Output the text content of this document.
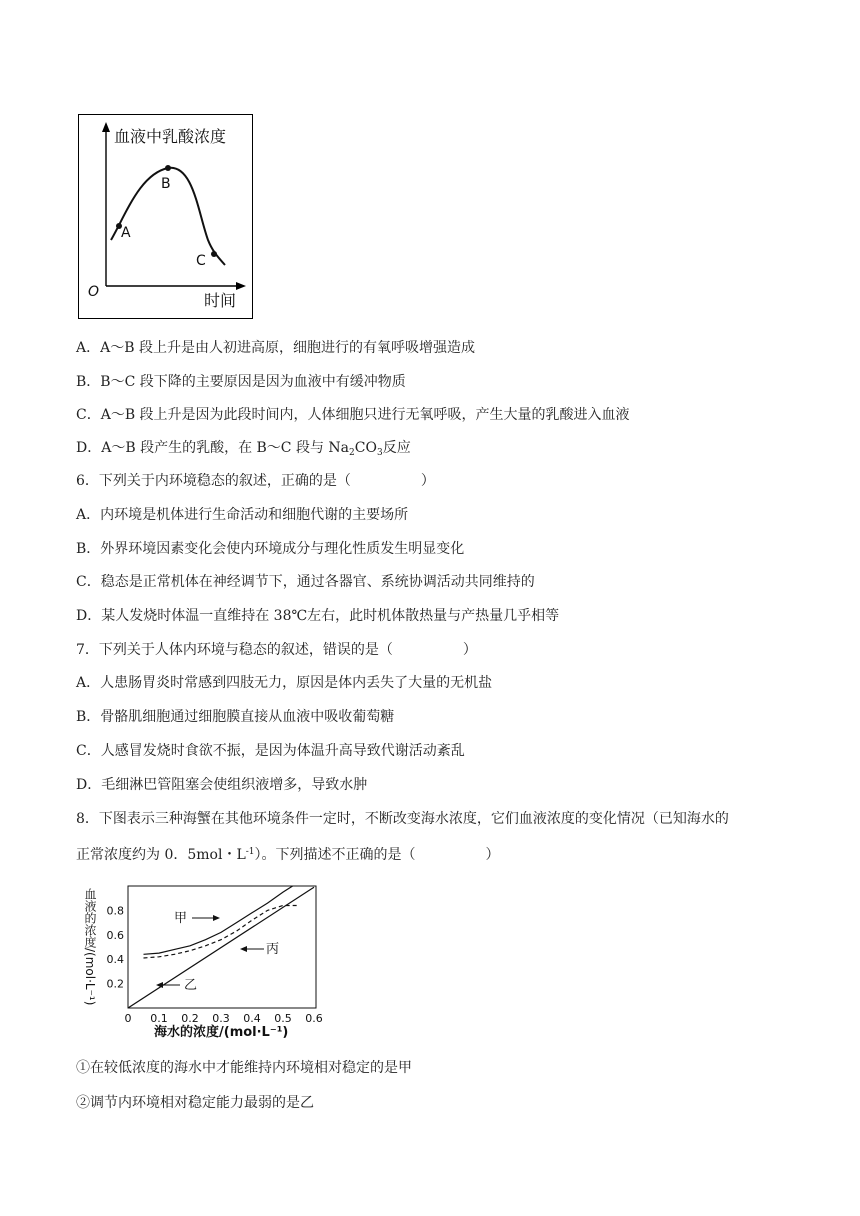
血液中乳酸浓度
时间
O
A
B
C
A．A～B 段上升是由人初进高原，细胞进行的有氧呼吸增强造成
B．B～C 段下降的主要原因是因为血液中有缓冲物质
C．A～B 段上升是因为此段时间内，人体细胞只进行无氧呼吸，产生大量的乳酸进入血液
D．A～B 段产生的乳酸，在 B～C 段与 $Na_2CO_3$反应
6．下列关于内环境稳态的叙述，正确的是（　　　　　）
A．内环境是机体进行生命活动和细胞代谢的主要场所
B．外界环境因素变化会使内环境成分与理化性质发生明显变化
C．稳态是正常机体在神经调节下，通过各器官、系统协调活动共同维持的
D．某人发烧时体温一直维持在 38℃左右，此时机体散热量与产热量几乎相等
7．下列关于人体内环境与稳态的叙述，错误的是（　　　　　）
A．人患肠胃炎时常感到四肢无力，原因是体内丢失了大量的无机盐
B．骨骼肌细胞通过细胞膜直接从血液中吸收葡萄糖
C．人感冒发烧时食欲不振，是因为体温升高导致代谢活动紊乱
D．毛细淋巴管阻塞会使组织液增多，导致水肿
8．下图表示三种海蟹在其他环境条件一定时，不断改变海水浓度，它们血液浓度的变化情况（已知海水的
正常浓度约为 0．5mol・$L^{-1}$）。下列描述不正确的是（　　　　　）
0 0.1 0.2 0.3 0.4 0.5 0.6
0.2
0.4
0.6
0.8
血液的浓度/(mol·L⁻¹)
海水的浓度/(mol·L⁻¹)
甲
丙
乙
①在较低浓度的海水中才能维持内环境相对稳定的是甲
②调节内环境相对稳定能力最弱的是乙
